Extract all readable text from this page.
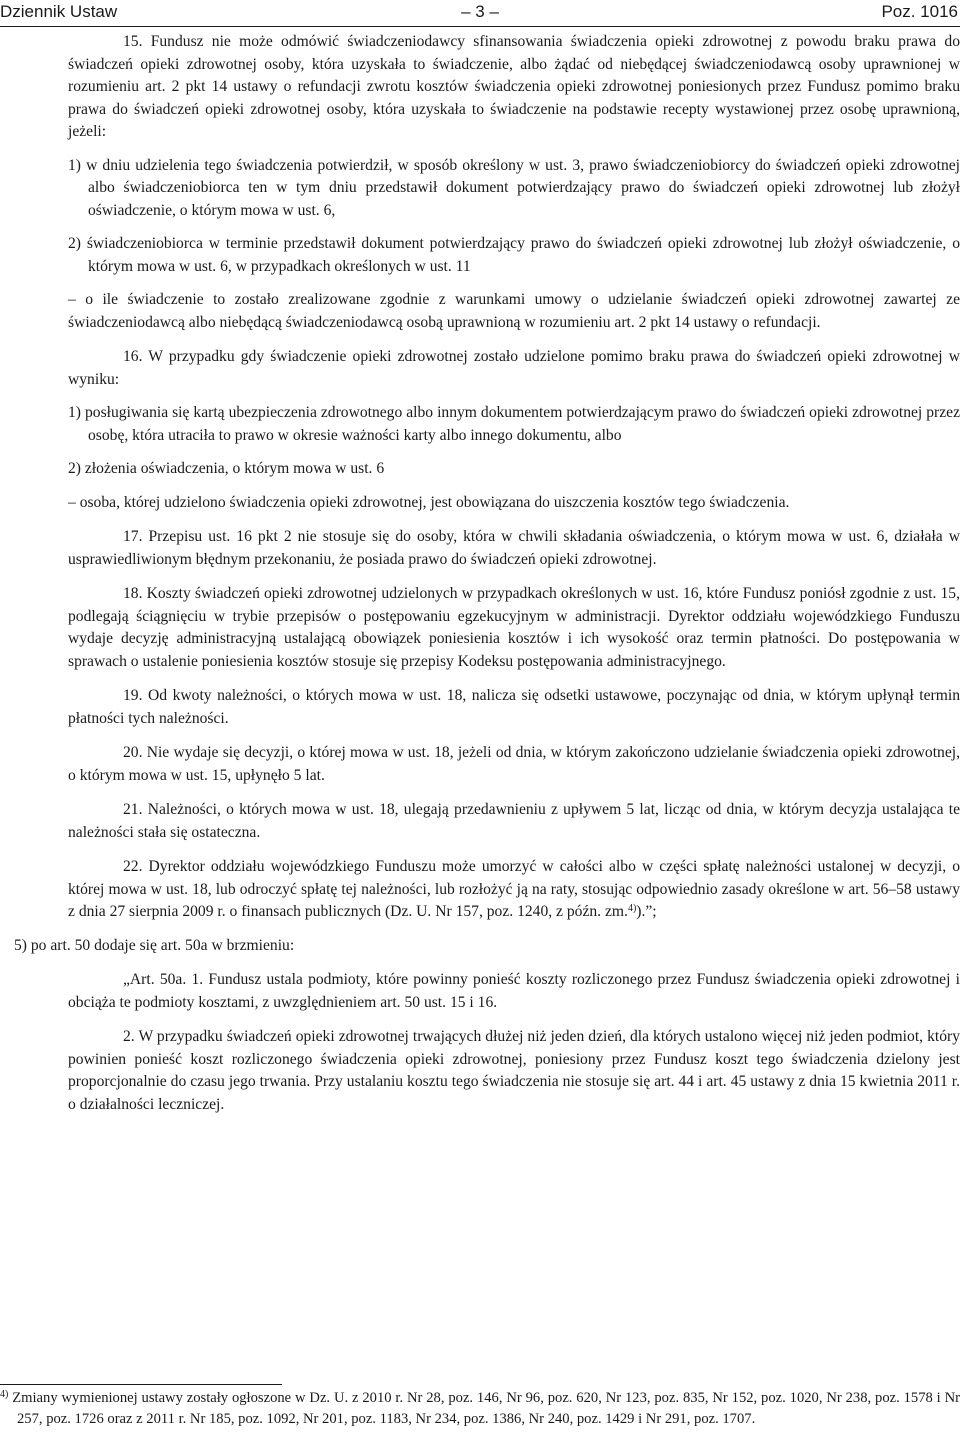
Dziennik Ustaw	– 3 –	Poz. 1016

15. Fundusz nie może odmówić świadczeniodawcy sfinansowania świadczenia opieki zdrowotnej z powodu braku prawa do świadczeń opieki zdrowotnej osoby, która uzyskała to świadczenie, albo żądać od niebędącej świadczeniodawcą osoby uprawnionej w rozumieniu art. 2 pkt 14 ustawy o refundacji zwrotu kosztów świadczenia opieki zdrowotnej poniesionych przez Fundusz pomimo braku prawa do świadczeń opieki zdrowotnej osoby, która uzyskała to świadczenie na podstawie recepty wystawionej przez osobę uprawnioną, jeżeli:

1) w dniu udzielenia tego świadczenia potwierdził, w sposób określony w ust. 3, prawo świadczeniobiorcy do świadczeń opieki zdrowotnej albo świadczeniobiorca ten w tym dniu przedstawił dokument potwierdzający prawo do świadczeń opieki zdrowotnej lub złożył oświadczenie, o którym mowa w ust. 6,

2) świadczeniobiorca w terminie przedstawił dokument potwierdzający prawo do świadczeń opieki zdrowotnej lub złożył oświadczenie, o którym mowa w ust. 6, w przypadkach określonych w ust. 11

– o ile świadczenie to zostało zrealizowane zgodnie z warunkami umowy o udzielanie świadczeń opieki zdrowotnej zawartej ze świadczeniodawcą albo niebędącą świadczeniodawcą osobą uprawnioną w rozumieniu art. 2 pkt 14 ustawy o refundacji.

16. W przypadku gdy świadczenie opieki zdrowotnej zostało udzielone pomimo braku prawa do świadczeń opieki zdrowotnej w wyniku:

1) posługiwania się kartą ubezpieczenia zdrowotnego albo innym dokumentem potwierdzającym prawo do świadczeń opieki zdrowotnej przez osobę, która utraciła to prawo w okresie ważności karty albo innego dokumentu, albo

2) złożenia oświadczenia, o którym mowa w ust. 6

– osoba, której udzielono świadczenia opieki zdrowotnej, jest obowiązana do uiszczenia kosztów tego świadczenia.

17. Przepisu ust. 16 pkt 2 nie stosuje się do osoby, która w chwili składania oświadczenia, o którym mowa w ust. 6, działała w usprawiedliwionym błędnym przekonaniu, że posiada prawo do świadczeń opieki zdrowotnej.

18. Koszty świadczeń opieki zdrowotnej udzielonych w przypadkach określonych w ust. 16, które Fundusz poniósł zgodnie z ust. 15, podlegają ściągnięciu w trybie przepisów o postępowaniu egzekucyjnym w administracji. Dyrektor oddziału wojewódzkiego Funduszu wydaje decyzję administracyjną ustalającą obowiązek poniesienia kosztów i ich wysokość oraz termin płatności. Do postępowania w sprawach o ustalenie poniesienia kosztów stosuje się przepisy Kodeksu postępowania administracyjnego.

19. Od kwoty należności, o których mowa w ust. 18, nalicza się odsetki ustawowe, poczynając od dnia, w którym upłynął termin płatności tych należności.

20. Nie wydaje się decyzji, o której mowa w ust. 18, jeżeli od dnia, w którym zakończono udzielanie świadczenia opieki zdrowotnej, o którym mowa w ust. 15, upłynęło 5 lat.

21. Należności, o których mowa w ust. 18, ulegają przedawnieniu z upływem 5 lat, licząc od dnia, w którym decyzja ustalająca te należności stała się ostateczna.

22. Dyrektor oddziału wojewódzkiego Funduszu może umorzyć w całości albo w części spłatę należności ustalonej w decyzji, o której mowa w ust. 18, lub odroczyć spłatę tej należności, lub rozłożyć ją na raty, stosując odpowiednio zasady określone w art. 56–58 ustawy z dnia 27 sierpnia 2009 r. o finansach publicznych (Dz. U. Nr 157, poz. 1240, z późn. zm.$^{4)}$).”;

5) po art. 50 dodaje się art. 50a w brzmieniu:

„Art. 50a. 1. Fundusz ustala podmioty, które powinny ponieść koszty rozliczonego przez Fundusz świadczenia opieki zdrowotnej i obciąża te podmioty kosztami, z uwzględnieniem art. 50 ust. 15 i 16.

2. W przypadku świadczeń opieki zdrowotnej trwających dłużej niż jeden dzień, dla których ustalono więcej niż jeden podmiot, który powinien ponieść koszt rozliczonego świadczenia opieki zdrowotnej, poniesiony przez Fundusz koszt tego świadczenia dzielony jest proporcjonalnie do czasu jego trwania. Przy ustalaniu kosztu tego świadczenia nie stosuje się art. 44 i art. 45 ustawy z dnia 15 kwietnia 2011 r. o działalności leczniczej.

$^{4)}$ Zmiany wymienionej ustawy zostały ogłoszone w Dz. U. z 2010 r. Nr 28, poz. 146, Nr 96, poz. 620, Nr 123, poz. 835, Nr 152, poz. 1020, Nr 238, poz. 1578 i Nr 257, poz. 1726 oraz z 2011 r. Nr 185, poz. 1092, Nr 201, poz. 1183, Nr 234, poz. 1386, Nr 240, poz. 1429 i Nr 291, poz. 1707.
